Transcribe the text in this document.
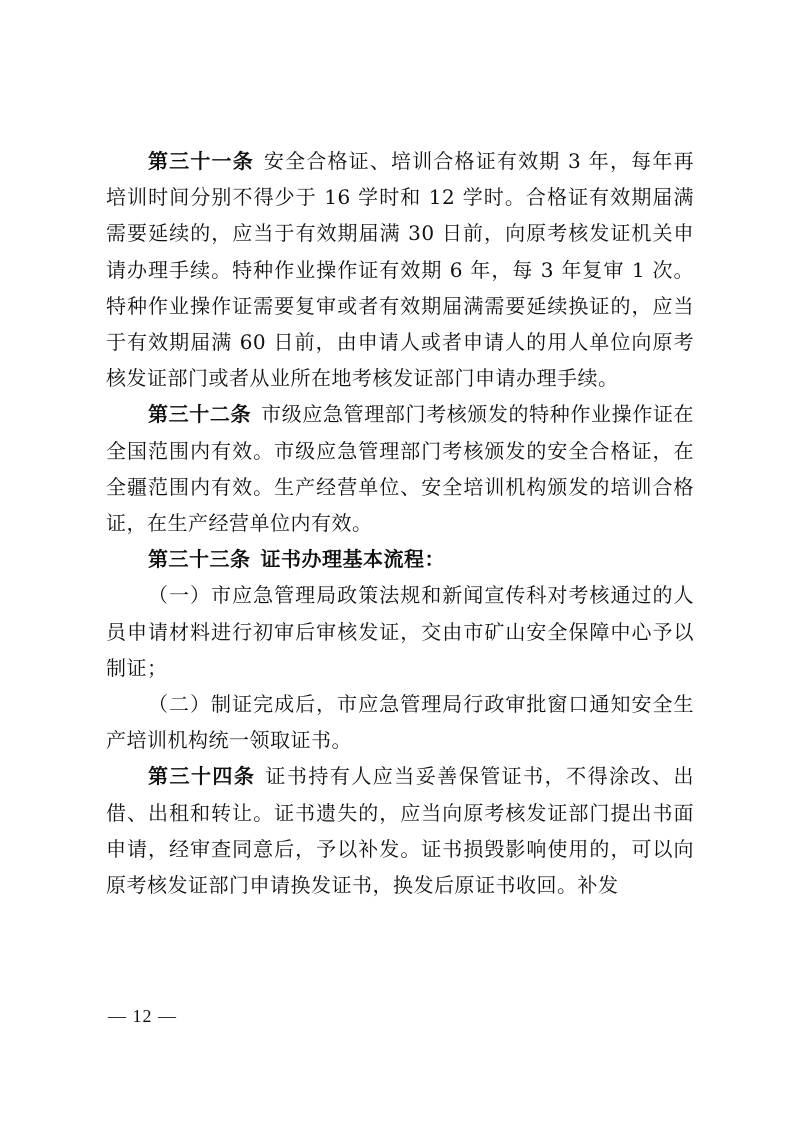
第三十一条 安全合格证、培训合格证有效期 3 年，每年再培训时间分别不得少于 16 学时和 12 学时。合格证有效期届满需要延续的，应当于有效期届满 30 日前，向原考核发证机关申请办理手续。特种作业操作证有效期 6 年，每 3 年复审 1 次。特种作业操作证需要复审或者有效期届满需要延续换证的，应当于有效期届满 60 日前，由申请人或者申请人的用人单位向原考核发证部门或者从业所在地考核发证部门申请办理手续。

第三十二条 市级应急管理部门考核颁发的特种作业操作证在全国范围内有效。市级应急管理部门考核颁发的安全合格证，在全疆范围内有效。生产经营单位、安全培训机构颁发的培训合格证，在生产经营单位内有效。

第三十三条 证书办理基本流程：

（一）市应急管理局政策法规和新闻宣传科对考核通过的人员申请材料进行初审后审核发证，交由市矿山安全保障中心予以制证；

（二）制证完成后，市应急管理局行政审批窗口通知安全生产培训机构统一领取证书。

第三十四条 证书持有人应当妥善保管证书，不得涂改、出借、出租和转让。证书遗失的，应当向原考核发证部门提出书面申请，经审查同意后，予以补发。证书损毁影响使用的，可以向原考核发证部门申请换发证书，换发后原证书收回。补发

— 12 —
